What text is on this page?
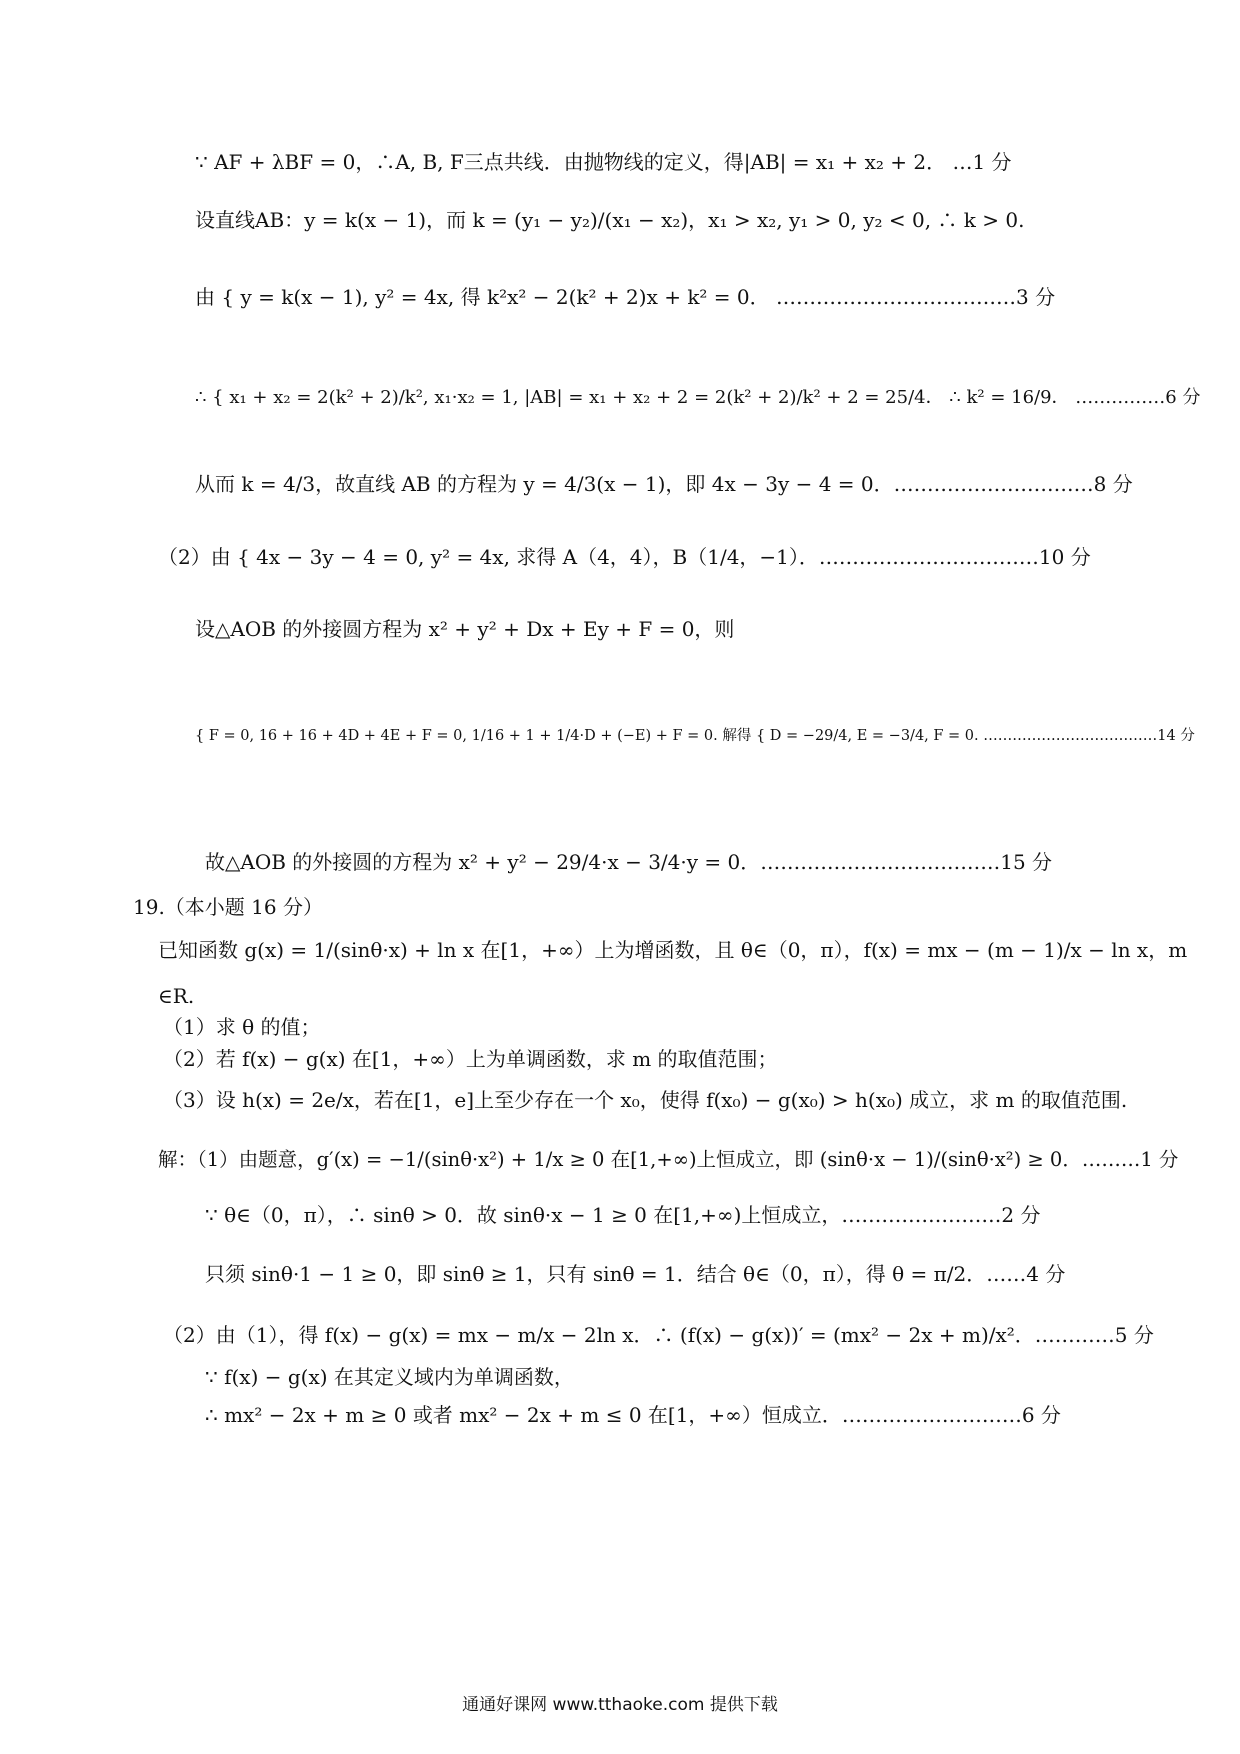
∵ AF + λBF = 0，∴A, B, F三点共线．由抛物线的定义，得|AB| = x₁ + x₂ + 2． …1 分
设直线AB：y = k(x − 1)，而 k = (y₁ − y₂)/(x₁ − x₂)，x₁ > x₂, y₁ > 0, y₂ < 0, ∴ k > 0.
由 { y = k(x − 1), y² = 4x, 得 k²x² − 2(k² + 2)x + k² = 0． ………………………………3 分
∴ { x₁ + x₂ = 2(k² + 2)/k², x₁·x₂ = 1, |AB| = x₁ + x₂ + 2 = 2(k² + 2)/k² + 2 = 25/4． ∴ k² = 16/9． ……………6 分
从而 k = 4/3，故直线 AB 的方程为 y = 4/3(x − 1)，即 4x − 3y − 4 = 0．…………………………8 分
（2）由 { 4x − 3y − 4 = 0, y² = 4x, 求得 A（4，4），B（1/4，−1）．……………………………10 分
设△AOB 的外接圆方程为 x² + y² + Dx + Ey + F = 0，则
{ F = 0, 16 + 16 + 4D + 4E + F = 0, 1/16 + 1 + 1/4·D + (−E) + F = 0. 解得 { D = −29/4, E = −3/4, F = 0. ………………………………14 分
故△AOB 的外接圆的方程为 x² + y² − 29/4·x − 3/4·y = 0．………………………………15 分
19.（本小题 16 分）
已知函数 g(x) = 1/(sinθ·x) + ln x 在[1，+∞）上为增函数，且 θ∈（0，π），f(x) = mx − (m − 1)/x − ln x，m
∈R.
（1）求 θ 的值；
（2）若 f(x) − g(x) 在[1，+∞）上为单调函数，求 m 的取值范围；
（3）设 h(x) = 2e/x，若在[1，e]上至少存在一个 x₀，使得 f(x₀) − g(x₀) > h(x₀) 成立，求 m 的取值范围.
解：（1）由题意，g′(x) = −1/(sinθ·x²) + 1/x ≥ 0 在[1,+∞)上恒成立，即 (sinθ·x − 1)/(sinθ·x²) ≥ 0．………1 分
∵ θ∈（0，π），∴ sinθ > 0．故 sinθ·x − 1 ≥ 0 在[1,+∞)上恒成立，……………………2 分
只须 sinθ·1 − 1 ≥ 0，即 sinθ ≥ 1，只有 sinθ = 1．结合 θ∈（0，π），得 θ = π/2．……4 分
（2）由（1），得 f(x) − g(x) = mx − m/x − 2ln x．∴ (f(x) − g(x))′ = (mx² − 2x + m)/x²．…………5 分
∵ f(x) − g(x) 在其定义域内为单调函数，
∴ mx² − 2x + m ≥ 0 或者 mx² − 2x + m ≤ 0 在[1，+∞）恒成立．………………………6 分
通通好课网 www.tthaoke.com 提供下载
